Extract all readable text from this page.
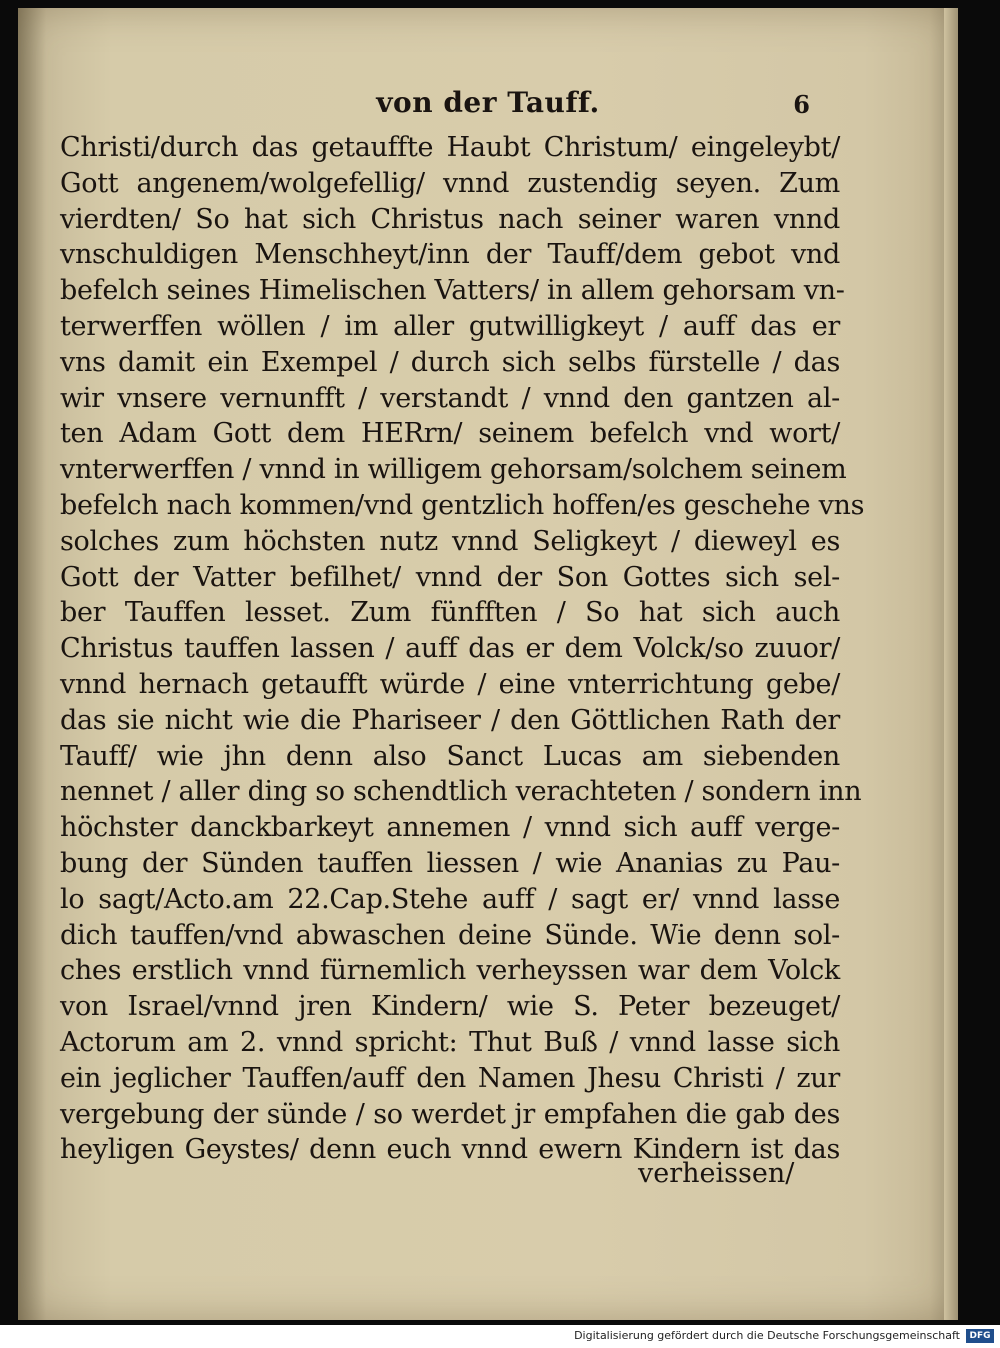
von der Tauff.	6
Christi/durch das getauffte Haubt Christum/ eingeleybt/
Gott angenem/wolgefellig/ vnnd zustendig seyen. Zum
vierdten/ So hat sich Christus nach seiner waren vnnd
vnschuldigen Menschheyt/inn der Tauff/dem gebot vnd
befelch seines Himelischen Vatters/ in allem gehorsam vn-
terwerffen wöllen / im aller gutwilligkeyt / auff das er
vns damit ein Exempel / durch sich selbs fürstelle / das
wir vnsere vernunfft / verstandt / vnnd den gantzen al-
ten Adam Gott dem HERrn/ seinem befelch vnd wort/
vnterwerffen / vnnd in willigem gehorsam/solchem seinem
befelch nach kommen/vnd gentzlich hoffen/es geschehe vns
solches zum höchsten nutz vnnd Seligkeyt / dieweyl es
Gott der Vatter befilhet/ vnnd der Son Gottes sich sel-
ber Tauffen lesset. Zum fünfften / So hat sich auch
Christus tauffen lassen / auff das er dem Volck/so zuuor/
vnnd hernach getaufft würde / eine vnterrichtung gebe/
das sie nicht wie die Phariseer / den Göttlichen Rath der
Tauff/ wie jhn denn also Sanct Lucas am siebenden
nennet / aller ding so schendtlich verachteten / sondern inn
höchster danckbarkeyt annemen / vnnd sich auff verge-
bung der Sünden tauffen liessen / wie Ananias zu Pau-
lo sagt/Acto.am 22.Cap.Stehe auff / sagt er/ vnnd lasse
dich tauffen/vnd abwaschen deine Sünde. Wie denn sol-
ches erstlich vnnd fürnemlich verheyssen war dem Volck
von Israel/vnnd jren Kindern/ wie S. Peter bezeuget/
Actorum am 2. vnnd spricht: Thut Buß / vnnd lasse sich
ein jeglicher Tauffen/auff den Namen Jhesu Christi / zur
vergebung der sünde / so werdet jr empfahen die gab des
heyligen Geystes/ denn euch vnnd ewern Kindern ist das
verheissen/
Digitalisierung gefördert durch die Deutsche Forschungsgemeinschaft	DFG
